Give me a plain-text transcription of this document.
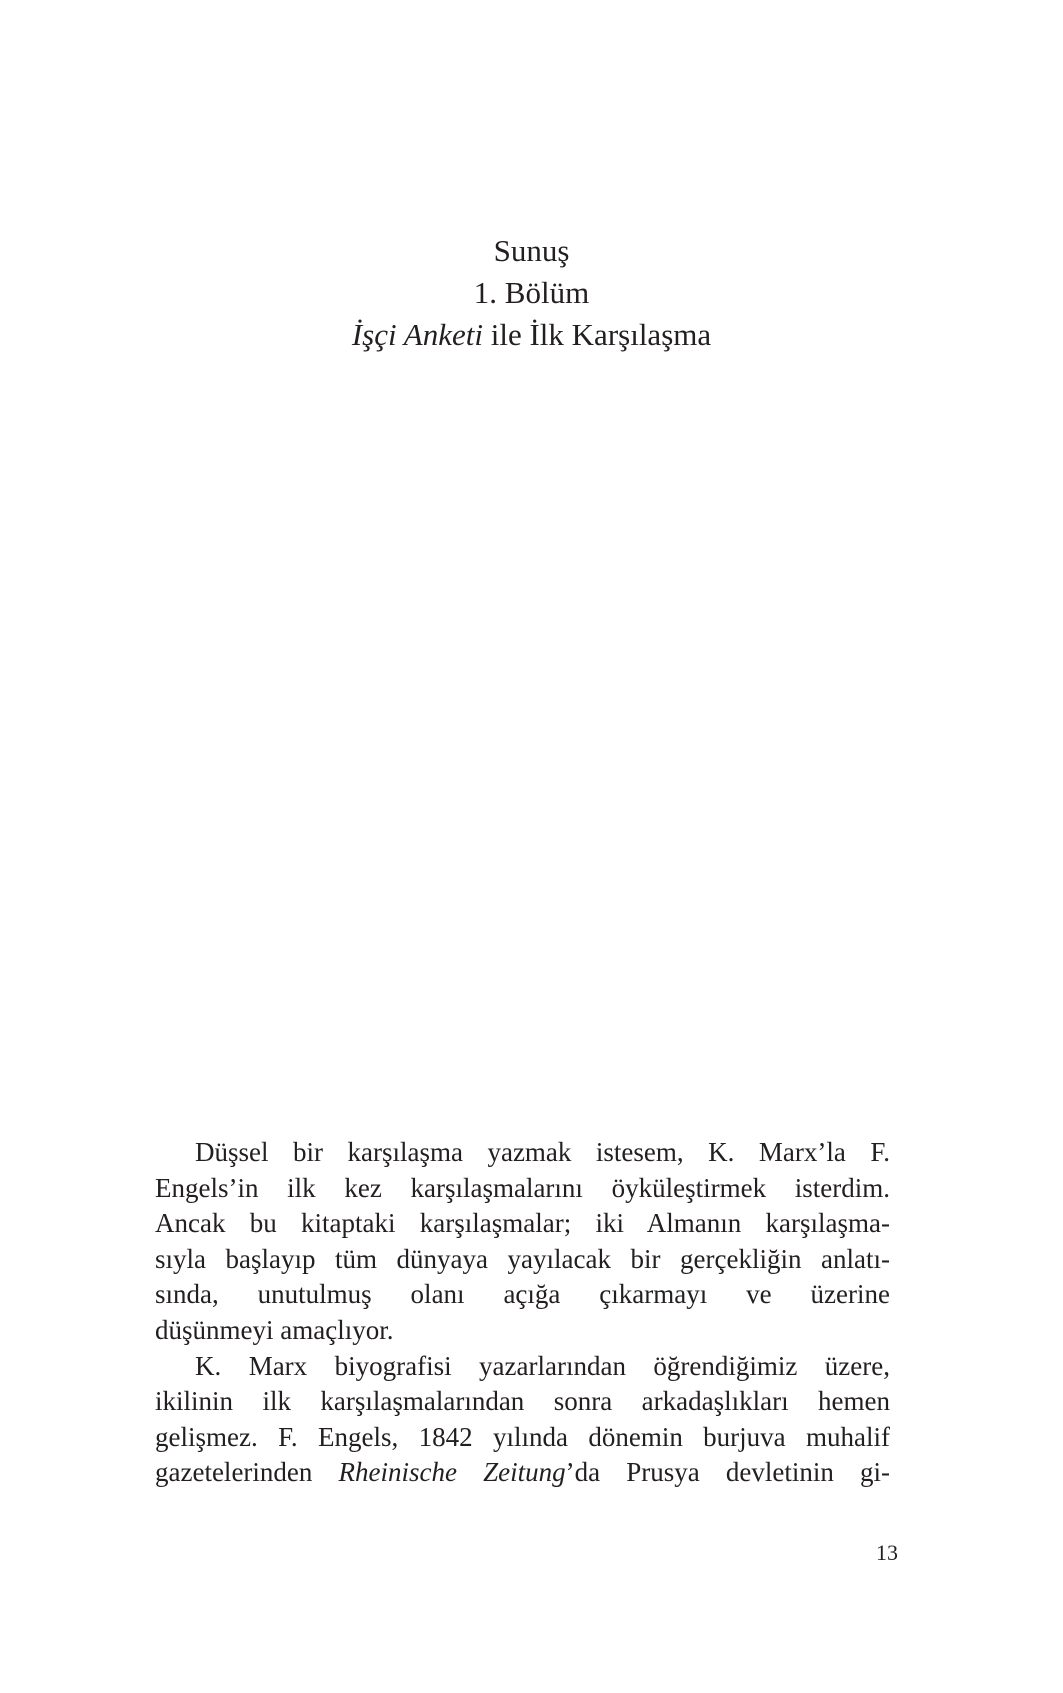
Sunuş
1. Bölüm
İşçi Anketi ile İlk Karşılaşma
Düşsel bir karşılaşma yazmak istesem, K. Marx’la F.
Engels’in ilk kez karşılaşmalarını öyküleştirmek isterdim.
Ancak bu kitaptaki karşılaşmalar; iki Almanın karşılaşma-
sıyla başlayıp tüm dünyaya yayılacak bir gerçekliğin anlatı-
sında, unutulmuş olanı açığa çıkarmayı ve üzerine
düşünmeyi amaçlıyor.
K. Marx biyografisi yazarlarından öğrendiğimiz üzere,
ikilinin ilk karşılaşmalarından sonra arkadaşlıkları hemen
gelişmez. F. Engels, 1842 yılında dönemin burjuva muhalif
gazetelerinden Rheinische Zeitung’da Prusya devletinin gi-
13
